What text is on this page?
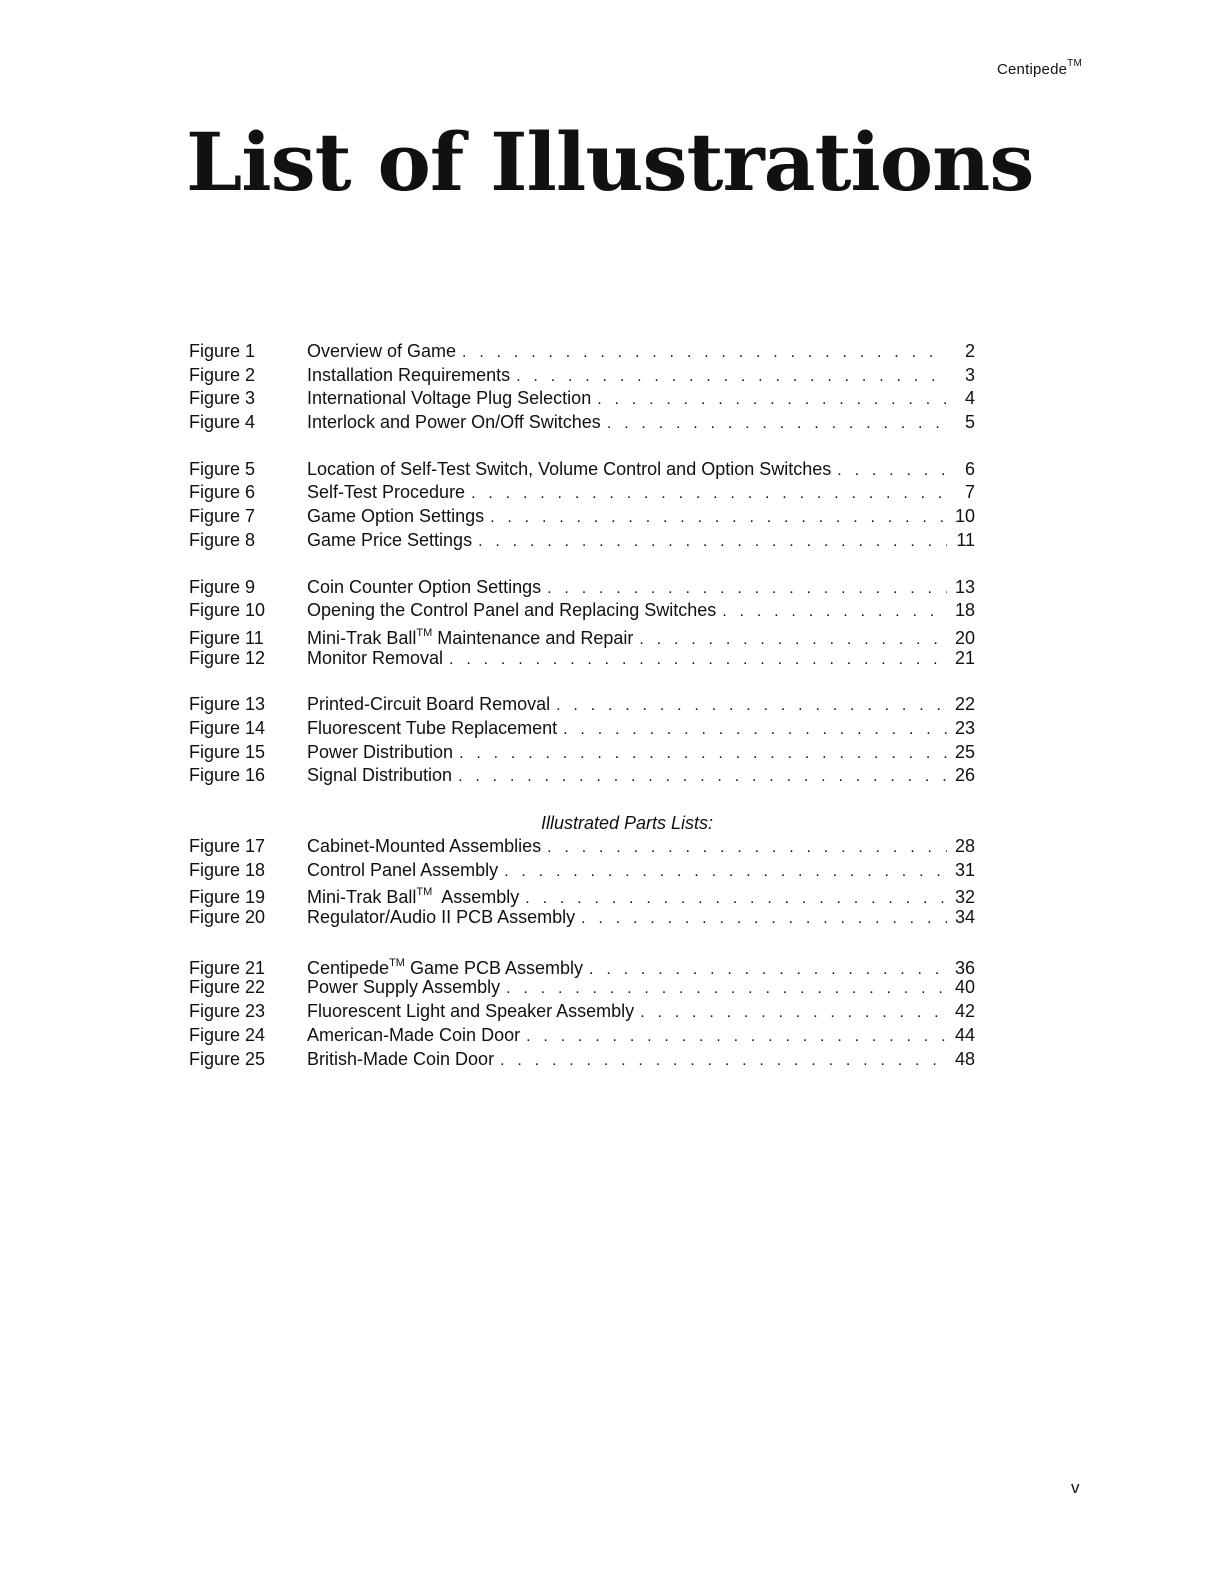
Centipede™
List of Illustrations
Figure 1	Overview of Game . . .	2
Figure 2	Installation Requirements . . .	3
Figure 3	International Voltage Plug Selection . . .	4
Figure 4	Interlock and Power On/Off Switches . . .	5
Figure 5	Location of Self-Test Switch, Volume Control and Option Switches . . .	6
Figure 6	Self-Test Procedure . . .	7
Figure 7	Game Option Settings . . .	10
Figure 8	Game Price Settings . . .	11
Figure 9	Coin Counter Option Settings . . .	13
Figure 10	Opening the Control Panel and Replacing Switches . . .	18
Figure 11	Mini-Trak Ball™ Maintenance and Repair . . .	20
Figure 12	Monitor Removal . . .	21
Figure 13	Printed-Circuit Board Removal . . .	22
Figure 14	Fluorescent Tube Replacement . . .	23
Figure 15	Power Distribution . . .	25
Figure 16	Signal Distribution . . .	26
Illustrated Parts Lists:
Figure 17	Cabinet-Mounted Assemblies . . .	28
Figure 18	Control Panel Assembly . . .	31
Figure 19	Mini-Trak Ball™  Assembly . . .	32
Figure 20	Regulator/Audio II PCB Assembly . . .	34
Figure 21	Centipede™ Game PCB Assembly . . .	36
Figure 22	Power Supply Assembly . . .	40
Figure 23	Fluorescent Light and Speaker Assembly . . .	42
Figure 24	American-Made Coin Door . . .	44
Figure 25	British-Made Coin Door . . .	48
v
